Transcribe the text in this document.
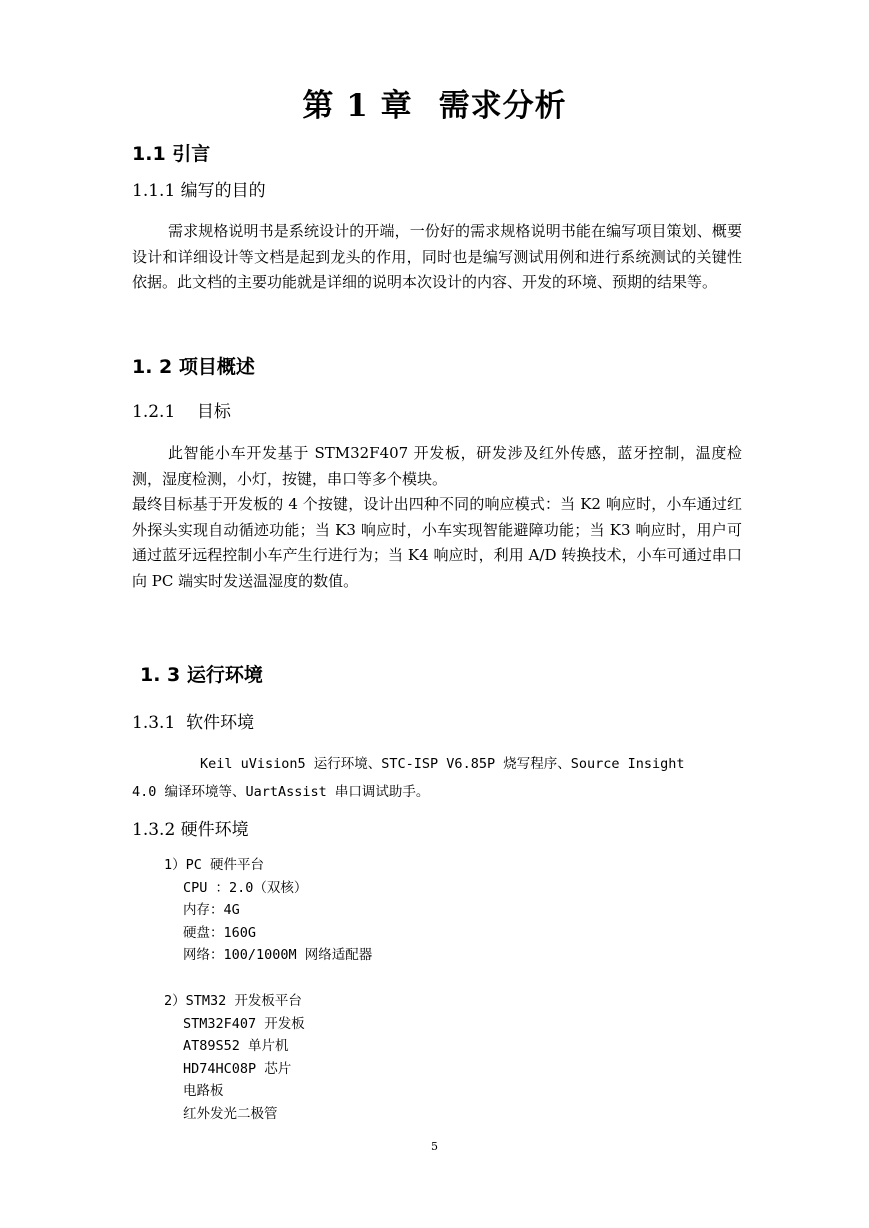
第 1 章 需求分析
1.1 引言
1.1.1 编写的目的

需求规格说明书是系统设计的开端，一份好的需求规格说明书能在编写项目策划、概要设计和详细设计等文档是起到龙头的作用，同时也是编写测试用例和进行系统测试的关键性依据。此文档的主要功能就是详细的说明本次设计的内容、开发的环境、预期的结果等。

1. 2 项目概述
1.2.1 目标

此智能小车开发基于 STM32F407 开发板，研发涉及红外传感，蓝牙控制，温度检测，湿度检测，小灯，按键，串口等多个模块。

最终目标基于开发板的 4 个按键，设计出四种不同的响应模式：当 K2 响应时，小车通过红外探头实现自动循迹功能；当 K3 响应时，小车实现智能避障功能；当 K3 响应时，用户可通过蓝牙远程控制小车产生行进行为；当 K4 响应时，利用 A/D 转换技术，小车可通过串口向 PC 端实时发送温湿度的数值。

1. 3 运行环境
1.3.1 软件环境
Keil uVision5 运行环境、STC-ISP V6.85P 烧写程序、Source Insight
4.0 编译环境等、UartAssist 串口调试助手。
1.3.2 硬件环境
1）PC 硬件平台
CPU ：2.0（双核）
内存：4G
硬盘：160G
网络：100/1000M 网络适配器
2）STM32 开发板平台
STM32F407 开发板
AT89S52 单片机
HD74HC08P 芯片
电路板
红外发光二极管
5
